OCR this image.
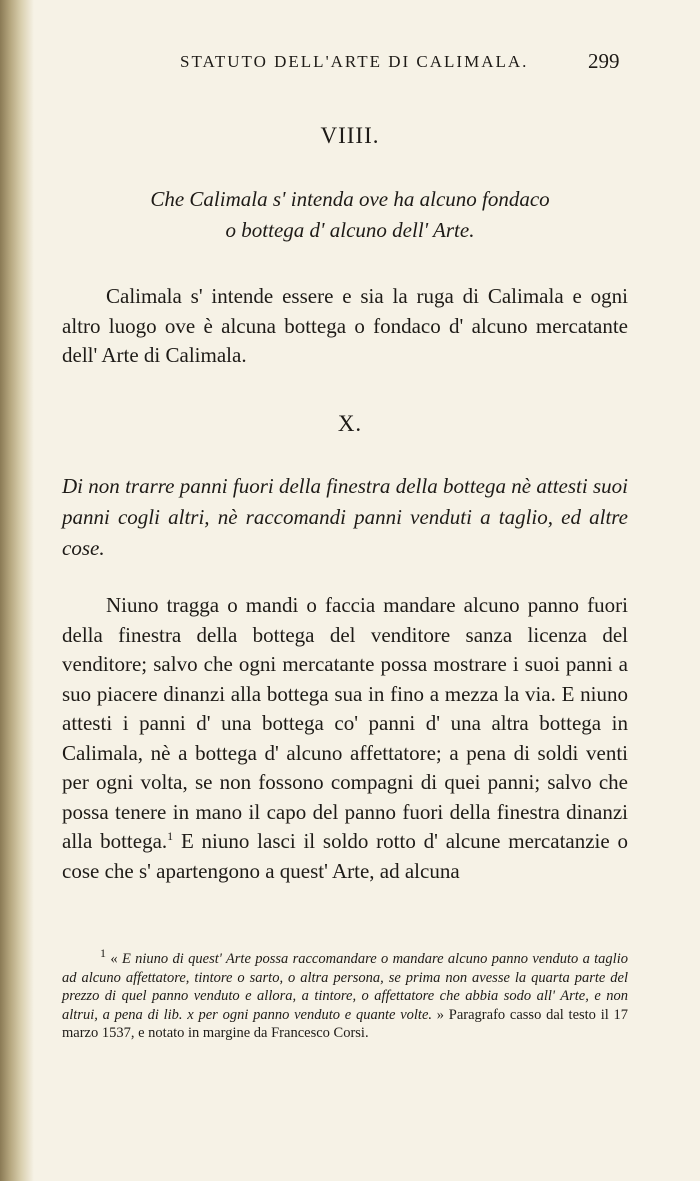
STATUTO DELL'ARTE DI CALIMALA.	299
VIIII.
Che Calimala s' intenda ove ha alcuno fondaco
o bottega d' alcuno dell' Arte.
Calimala s' intende essere e sia la ruga di Calimala e ogni altro luogo ove è alcuna bottega o fondaco d' alcuno mercatante dell' Arte di Calimala.
X.
Di non trarre panni fuori della finestra della bottega nè attesti suoi panni cogli altri, nè raccomandi panni venduti a taglio, ed altre cose.
Niuno tragga o mandi o faccia mandare alcuno panno fuori della finestra della bottega del venditore sanza licenza del venditore; salvo che ogni mercatante possa mostrare i suoi panni a suo piacere dinanzi alla bottega sua in fino a mezza la via. E niuno attesti i panni d' una bottega co' panni d' una altra bottega in Calimala, nè a bottega d' alcuno affettatore; a pena di soldi venti per ogni volta, se non fossono compagni di quei panni; salvo che possa tenere in mano il capo del panno fuori della finestra dinanzi alla bottega.$^1$ E niuno lasci il soldo rotto d' alcune mercatanzie o cose che s' apartengono a quest' Arte, ad alcuna
$^1$ « E niuno di quest' Arte possa raccomandare o mandare alcuno panno venduto a taglio ad alcuno affettatore, tintore o sarto, o altra persona, se prima non avesse la quarta parte del prezzo di quel panno venduto e allora, a tintore, o affettatore che abbia sodo all' Arte, e non altrui, a pena di lib. x per ogni panno venduto e quante volte. » Paragrafo casso dal testo il 17 marzo 1537, e notato in margine da Francesco Corsi.
